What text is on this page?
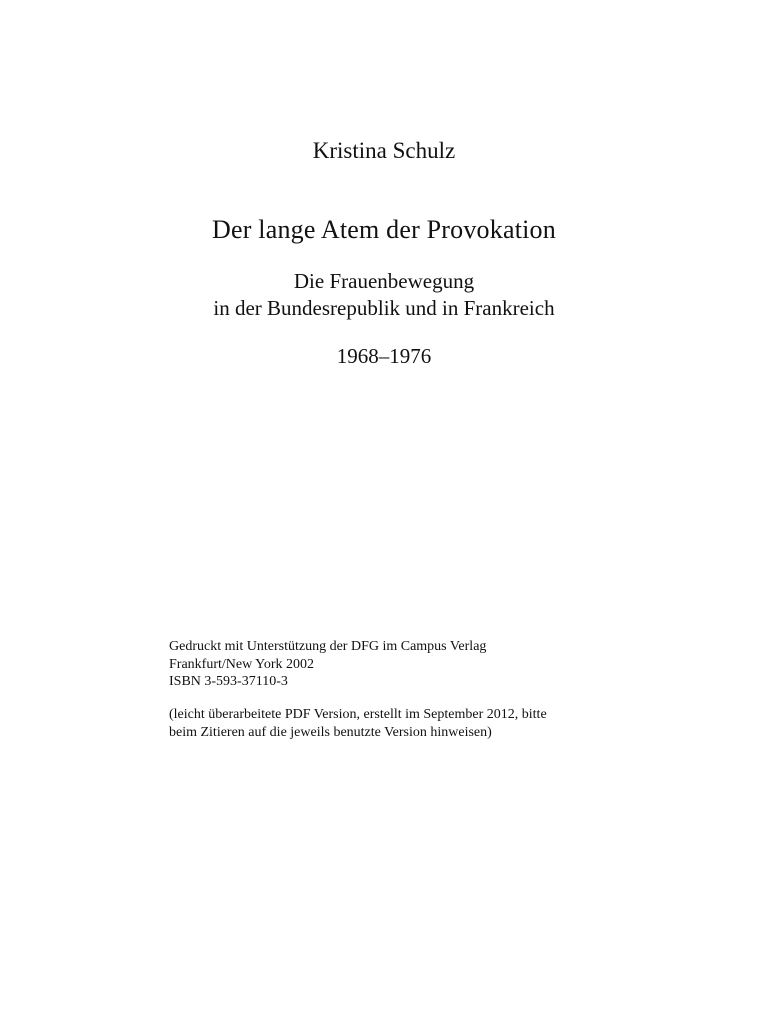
Kristina Schulz
Der lange Atem der Provokation
Die Frauenbewegung
in der Bundesrepublik und in Frankreich
1968–1976
Gedruckt mit Unterstützung der DFG im Campus Verlag
Frankfurt/New York 2002
ISBN 3-593-37110-3
(leicht überarbeitete PDF Version, erstellt im September 2012, bitte
beim Zitieren auf die jeweils benutzte Version hinweisen)
